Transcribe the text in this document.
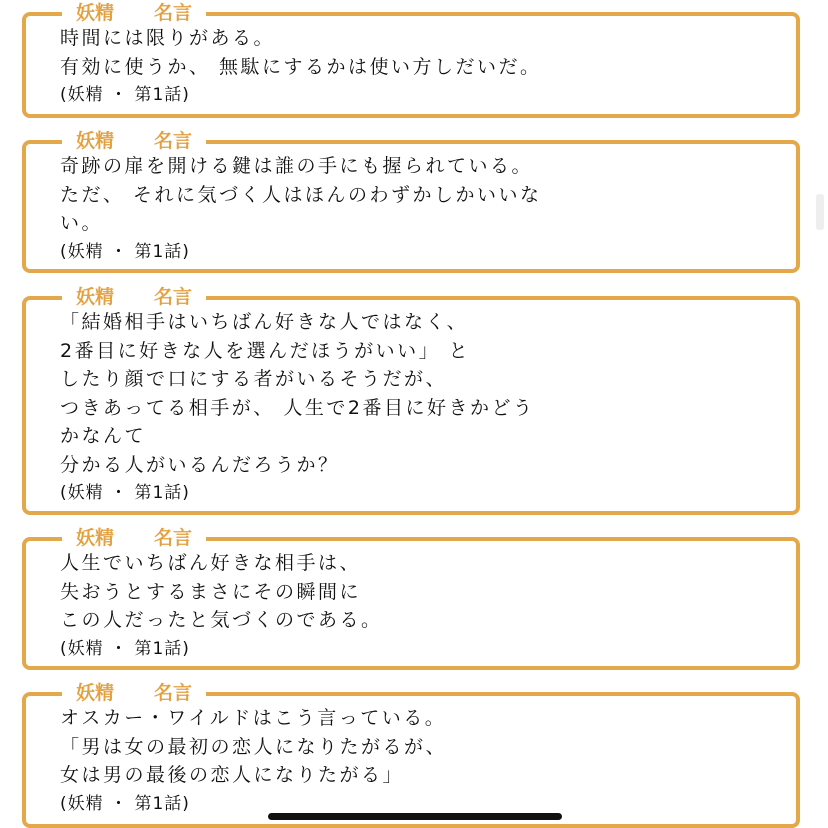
妖精 名言
時間には限りがある。
有効に使うか、 無駄にするかは使い方しだいだ。
(妖精 ・ 第1話)
妖精 名言
奇跡の扉を開ける鍵は誰の手にも握られている。
ただ、 それに気づく人はほんのわずかしかいいな
い。
(妖精 ・ 第1話)
妖精 名言
「結婚相手はいちばん好きな人ではなく、
2番目に好きな人を選んだほうがいい」 と
したり顔で口にする者がいるそうだが、
つきあってる相手が、 人生で2番目に好きかどう
かなんて
分かる人がいるんだろうか？
(妖精 ・ 第1話)
妖精 名言
人生でいちばん好きな相手は、
失おうとするまさにその瞬間に
この人だったと気づくのである。
(妖精 ・ 第1話)
妖精 名言
オスカー・ワイルドはこう言っている。
「男は女の最初の恋人になりたがるが、
女は男の最後の恋人になりたがる」
(妖精 ・ 第1話)
